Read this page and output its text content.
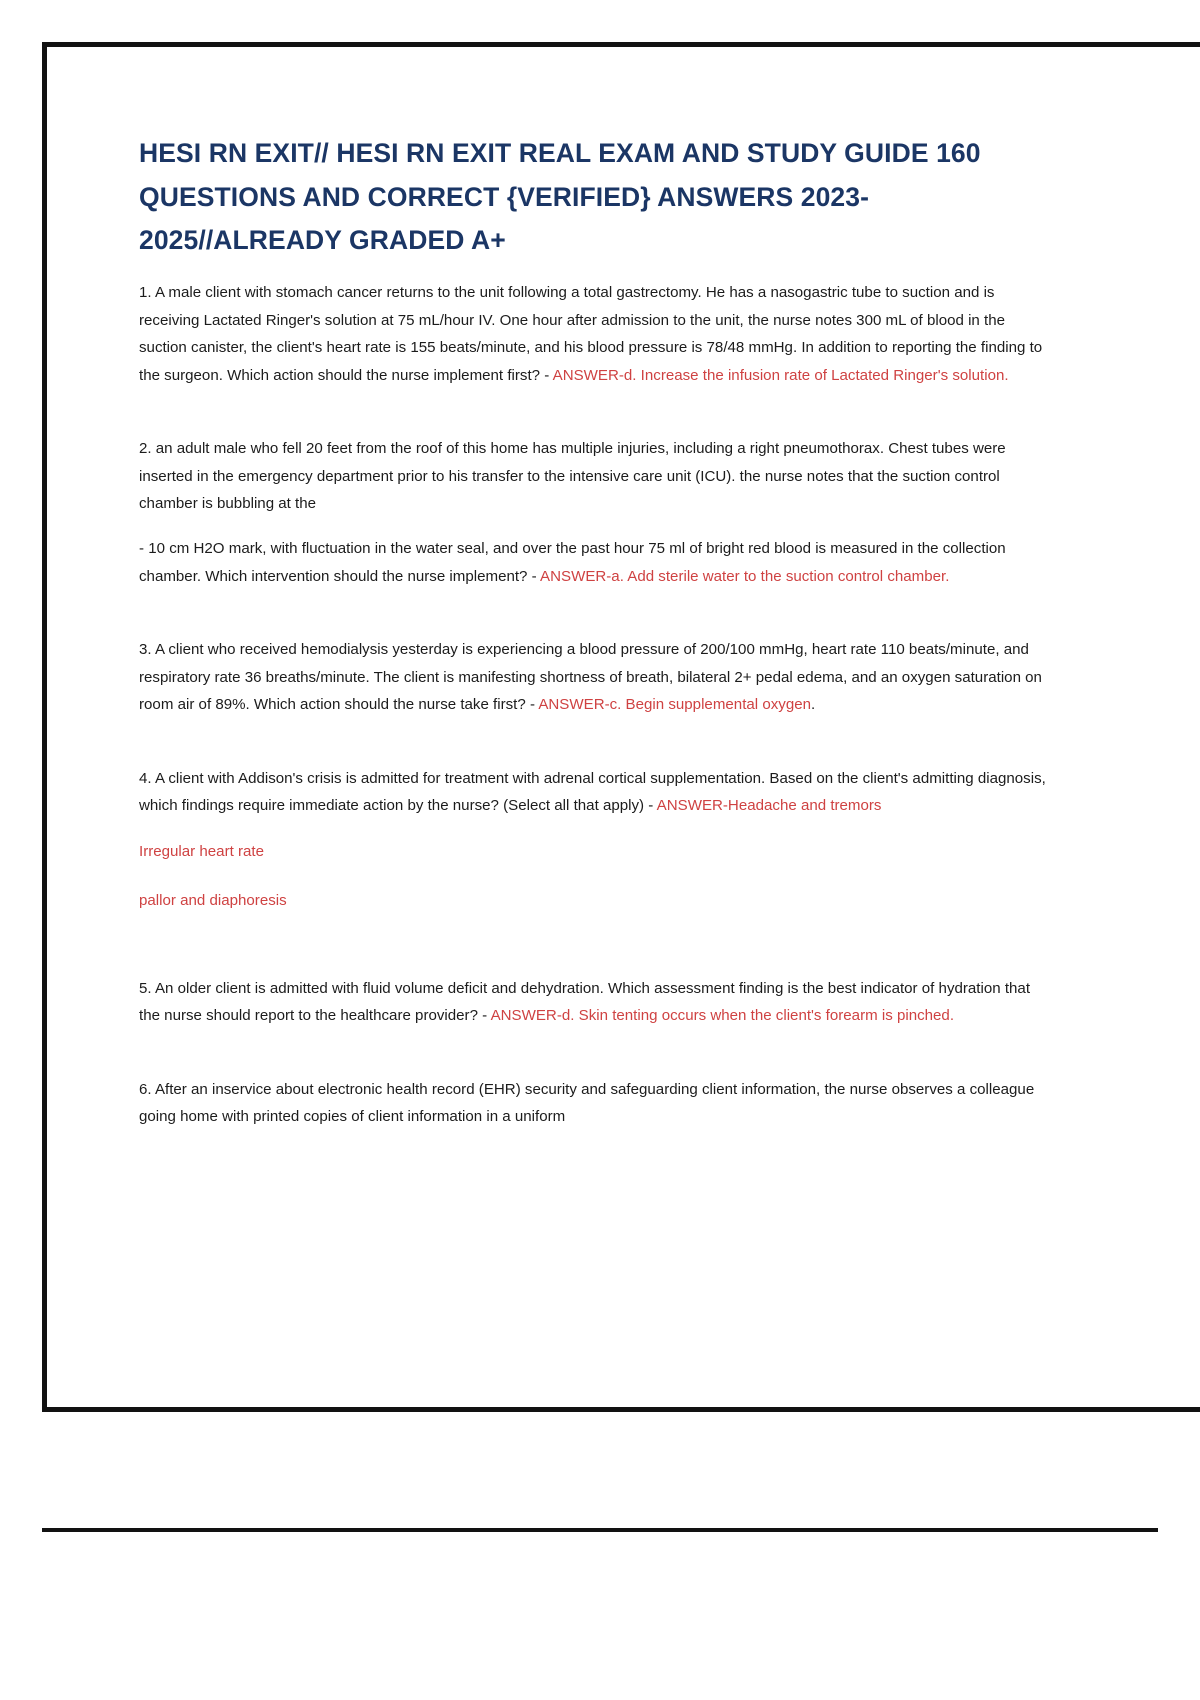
HESI RN EXIT// HESI RN EXIT REAL EXAM AND STUDY GUIDE 160 QUESTIONS AND CORRECT {VERIFIED} ANSWERS 2023-2025//ALREADY GRADED A+

1. A male client with stomach cancer returns to the unit following a total gastrectomy. He has a nasogastric tube to suction and is receiving Lactated Ringer's solution at 75 mL/hour IV. One hour after admission to the unit, the nurse notes 300 mL of blood in the suction canister, the client's heart rate is 155 beats/minute, and his blood pressure is 78/48 mmHg. In addition to reporting the finding to the surgeon. Which action should the nurse implement first? - ANSWER-d. Increase the infusion rate of Lactated Ringer's solution.

2. an adult male who fell 20 feet from the roof of this home has multiple injuries, including a right pneumothorax. Chest tubes were inserted in the emergency department prior to his transfer to the intensive care unit (ICU). the nurse notes that the suction control chamber is bubbling at the

- 10 cm H2O mark, with fluctuation in the water seal, and over the past hour 75 ml of bright red blood is measured in the collection chamber. Which intervention should the nurse implement? - ANSWER-a. Add sterile water to the suction control chamber.

3. A client who received hemodialysis yesterday is experiencing a blood pressure of 200/100 mmHg, heart rate 110 beats/minute, and respiratory rate 36 breaths/minute. The client is manifesting shortness of breath, bilateral 2+ pedal edema, and an oxygen saturation on room air of 89%. Which action should the nurse take first? - ANSWER-c. Begin supplemental oxygen.

4. A client with Addison's crisis is admitted for treatment with adrenal cortical supplementation. Based on the client's admitting diagnosis, which findings require immediate action by the nurse? (Select all that apply) - ANSWER-Headache and tremors

Irregular heart rate

pallor and diaphoresis

5. An older client is admitted with fluid volume deficit and dehydration. Which assessment finding is the best indicator of hydration that the nurse should report to the healthcare provider? - ANSWER-d. Skin tenting occurs when the client's forearm is pinched.

6. After an inservice about electronic health record (EHR) security and safeguarding client information, the nurse observes a colleague going home with printed copies of client information in a uniform
